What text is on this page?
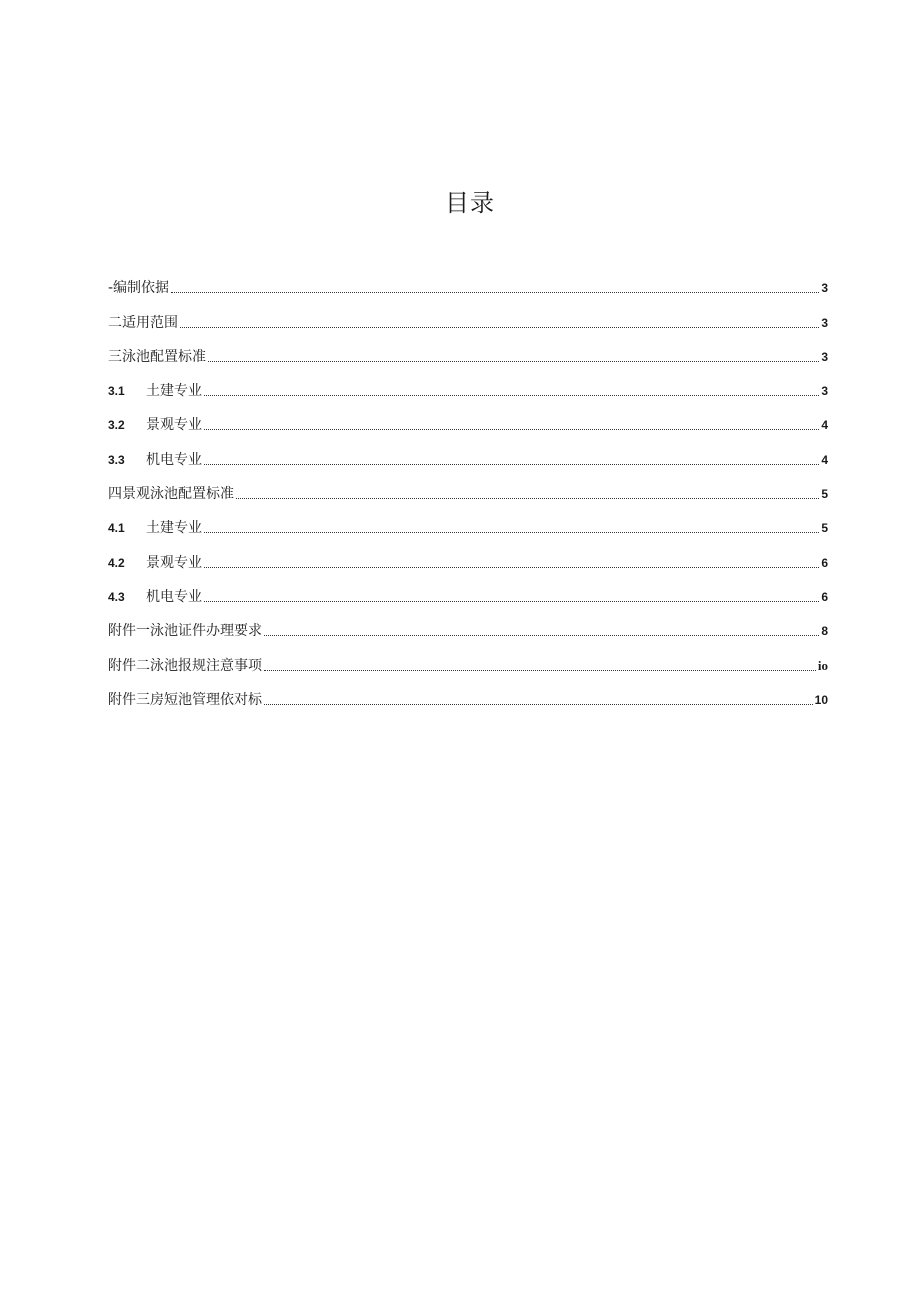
目录
-编制依据	3
二适用范围	3
三泳池配置标准	3
3.1	土建专业	3
3.2	景观专业	4
3.3	机电专业	4
四景观泳池配置标准	5
4.1	土建专业	5
4.2	景观专业	6
4.3	机电专业	6
附件一泳池证件办理要求	8
附件二泳池报规注意事项	io
附件三房短池管理依对标	10
